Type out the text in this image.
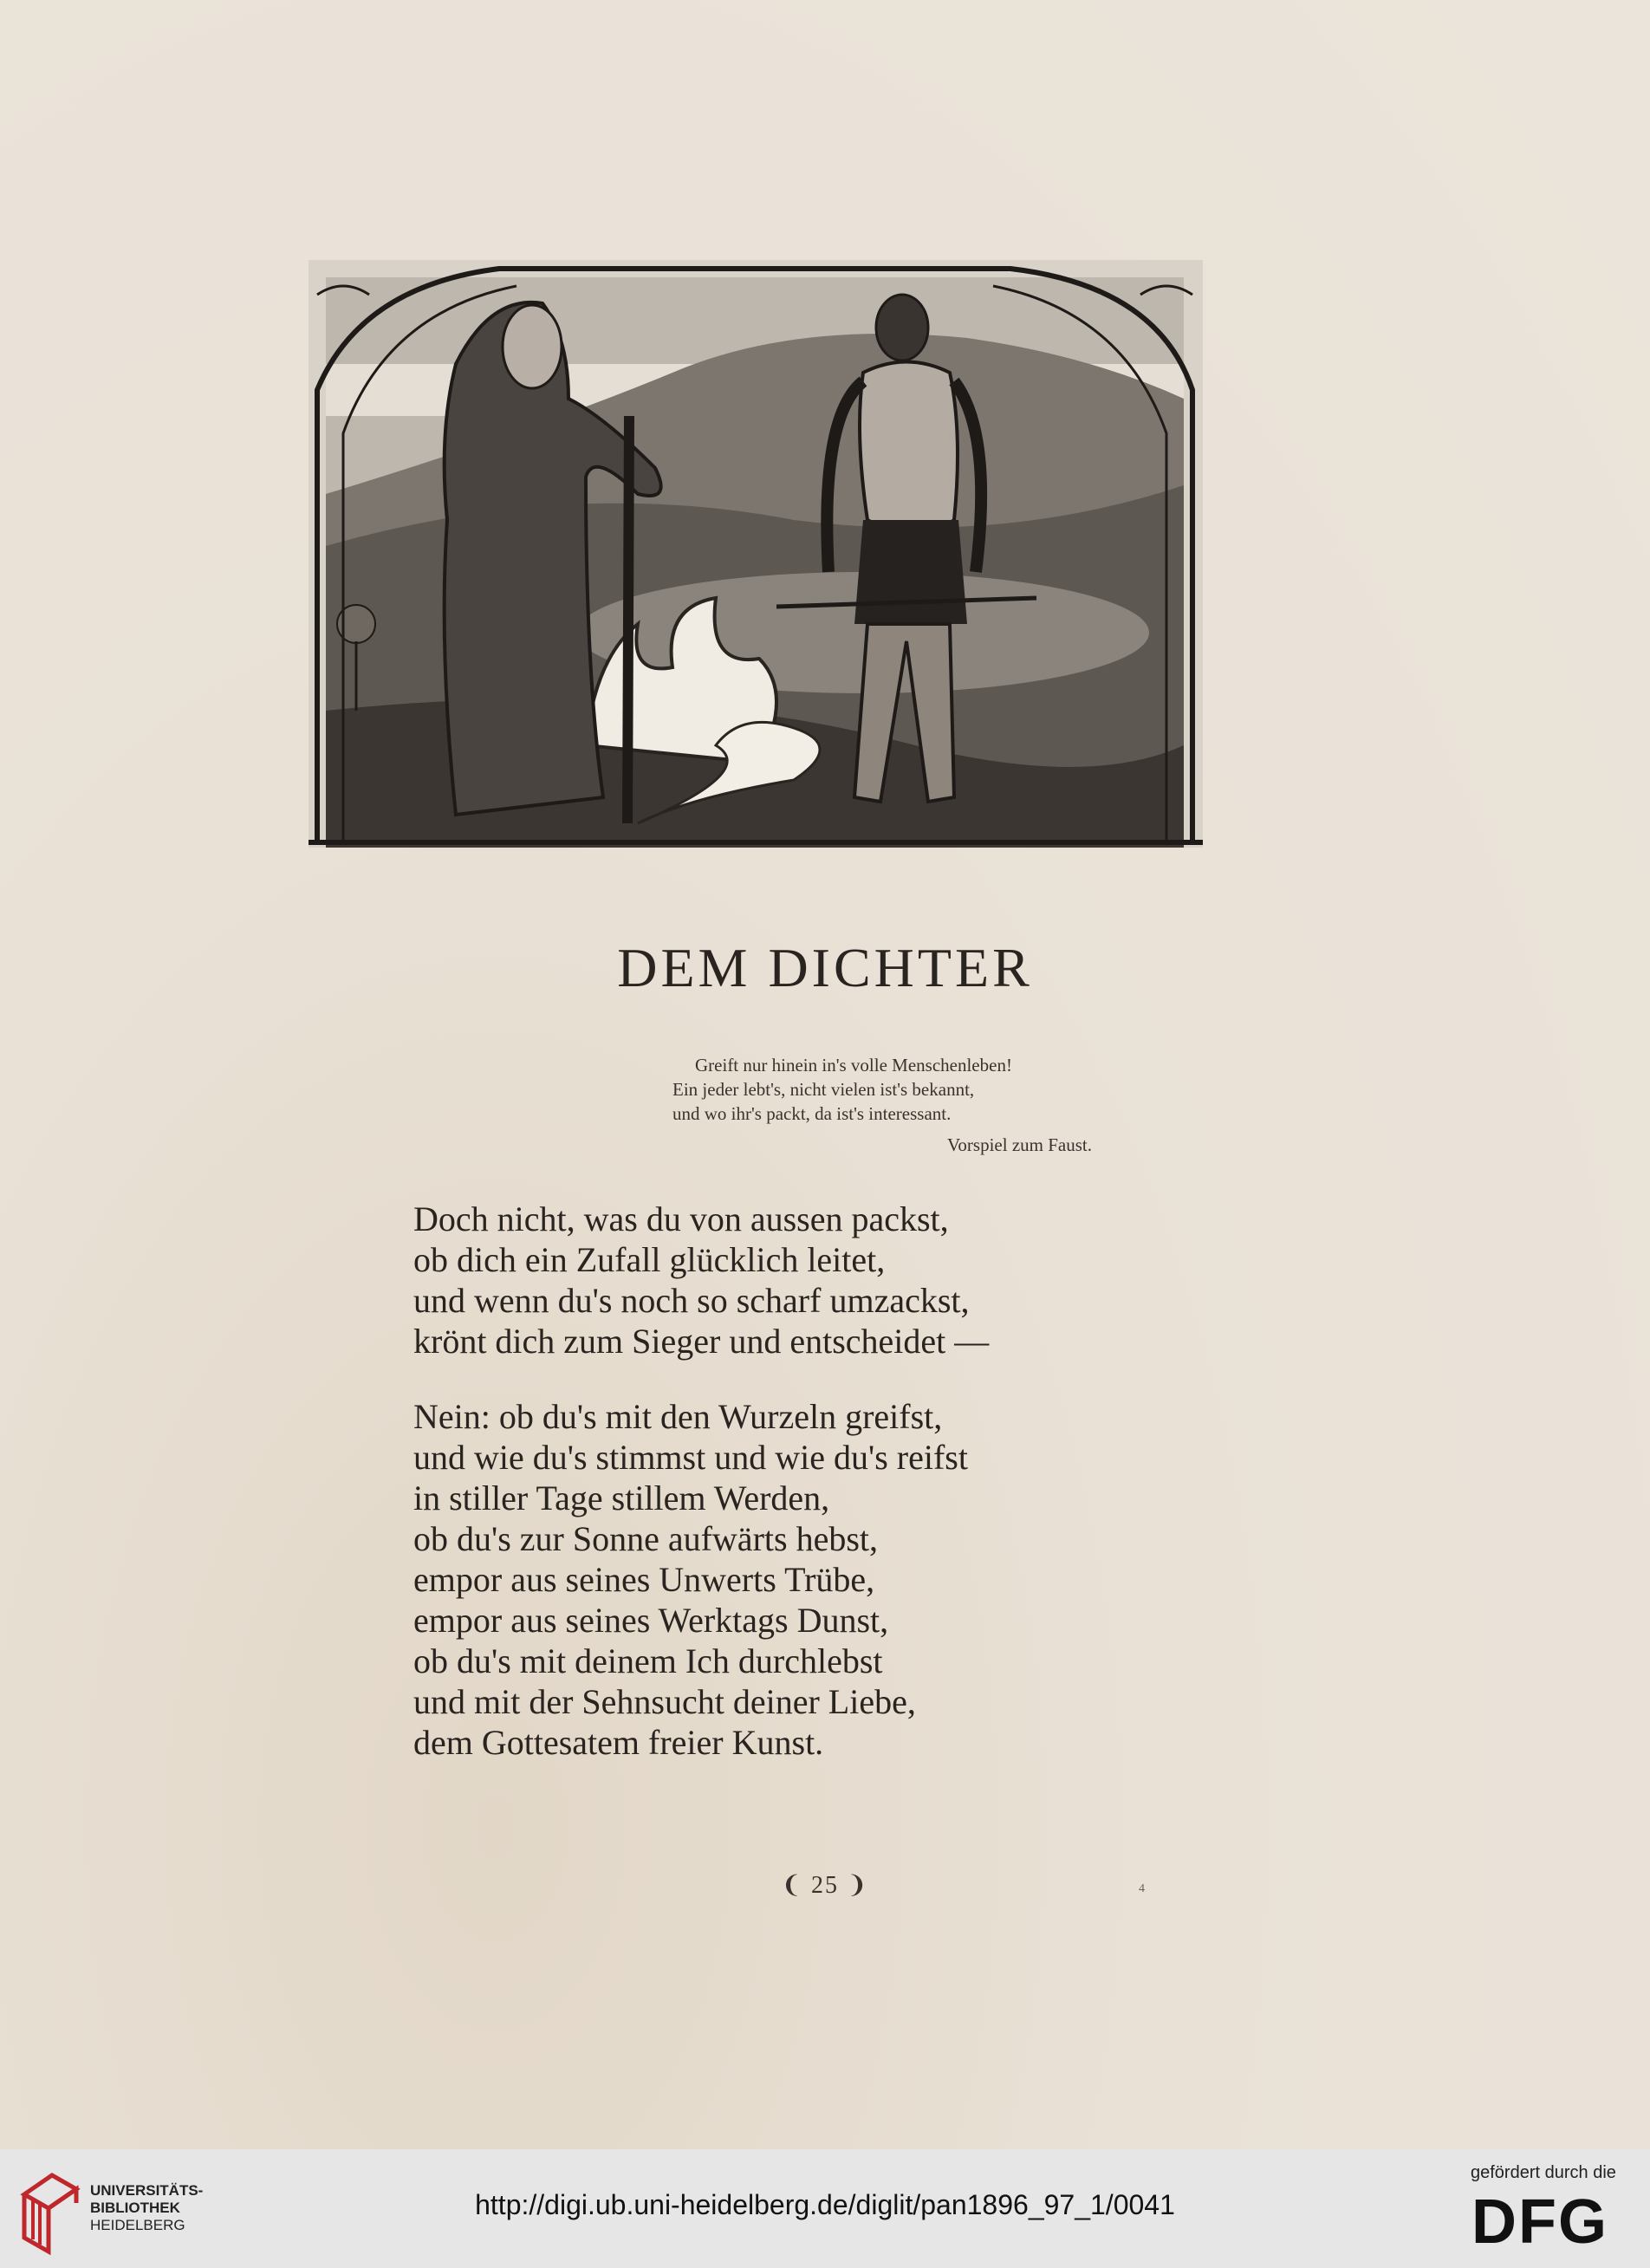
DEM DICHTER
Greift nur hinein in's volle Menschenleben!
Ein jeder lebt's, nicht vielen ist's bekannt,
und wo ihr's packt, da ist's interessant.
Vorspiel zum Faust.
Doch nicht, was du von aussen packst,
ob dich ein Zufall glücklich leitet,
und wenn du's noch so scharf umzackst,
krönt dich zum Sieger und entscheidet —
Nein: ob du's mit den Wurzeln greifst,
und wie du's stimmst und wie du's reifst
in stiller Tage stillem Werden,
ob du's zur Sonne aufwärts hebst,
empor aus seines Unwerts Trübe,
empor aus seines Werktags Dunst,
ob du's mit deinem Ich durchlebst
und mit der Sehnsucht deiner Liebe,
dem Gottesatem freier Kunst.
❨ 25 ❩	4
UNIVERSITÄTS-
BIBLIOTHEK
HEIDELBERG
http://digi.ub.uni-heidelberg.de/diglit/pan1896_97_1/0041
gefördert durch die
DFG
